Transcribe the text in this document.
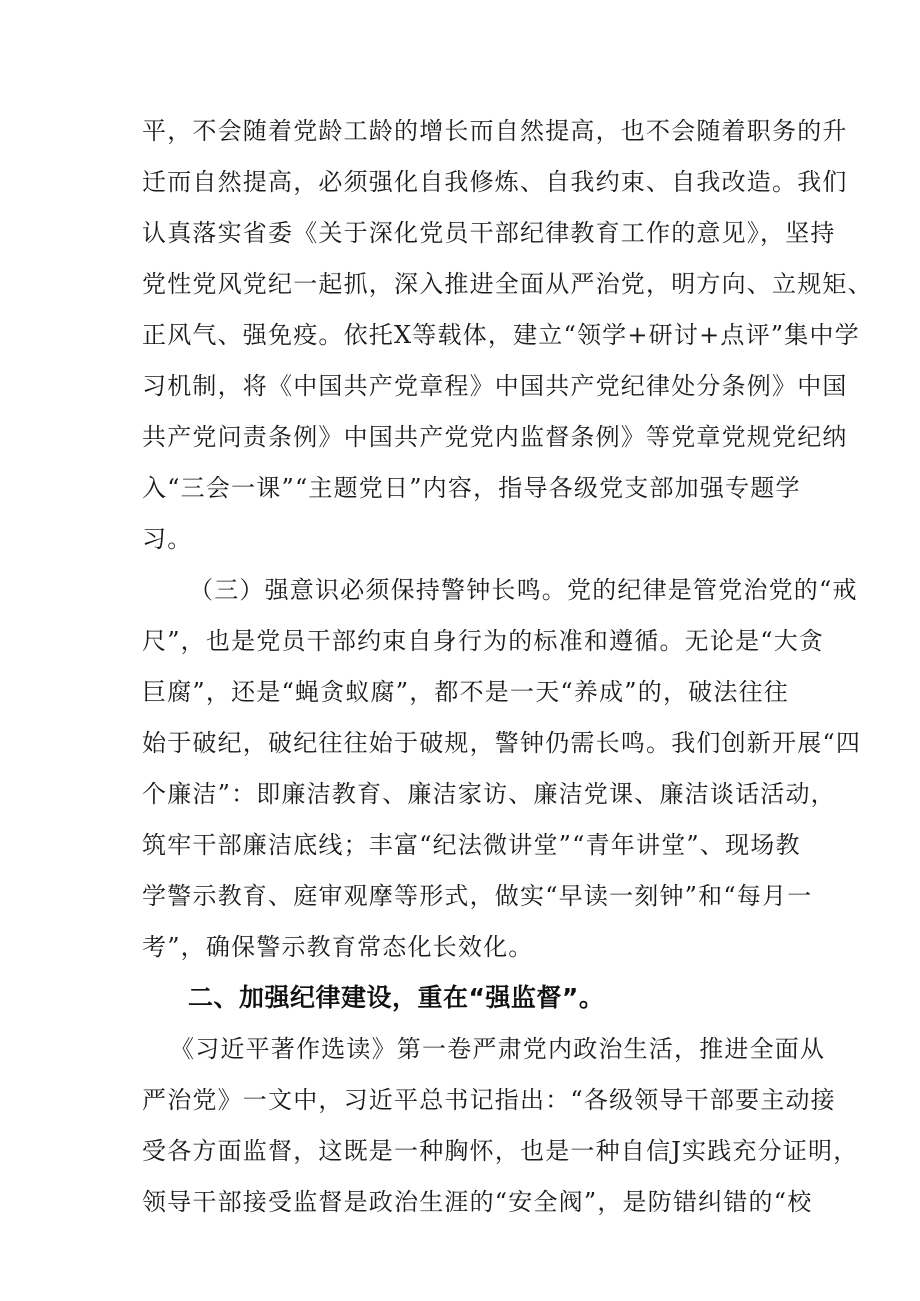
平，不会随着党龄工龄的增长而自然提高，也不会随着职务的升
迁而自然提高，必须强化自我修炼、自我约束、自我改造。我们
认真落实省委《关于深化党员干部纪律教育工作的意见》，坚持
党性党风党纪一起抓，深入推进全面从严治党，明方向、立规矩、
正风气、强免疫。依托X等载体，建立“领学+研讨+点评”集中学
习机制，将《中国共产党章程》中国共产党纪律处分条例》中国
共产党问责条例》中国共产党党内监督条例》等党章党规党纪纳
入“三会一课”“主题党日”内容，指导各级党支部加强专题学
习。
（三）强意识必须保持警钟长鸣。党的纪律是管党治党的“戒
尺”，也是党员干部约束自身行为的标准和遵循。无论是“大贪
巨腐”，还是“蝇贪蚁腐”，都不是一天“养成”的，破法往往
始于破纪，破纪往往始于破规，警钟仍需长鸣。我们创新开展“四
个廉洁”：即廉洁教育、廉洁家访、廉洁党课、廉洁谈话活动，
筑牢干部廉洁底线；丰富“纪法微讲堂”“青年讲堂”、现场教
学警示教育、庭审观摩等形式，做实“早读一刻钟”和“每月一
考”，确保警示教育常态化长效化。
二、加强纪律建设，重在“强监督”。
《习近平著作选读》第一卷严肃党内政治生活，推进全面从
严治党》一文中，习近平总书记指出：“各级领导干部要主动接
受各方面监督，这既是一种胸怀，也是一种自信J实践充分证明，
领导干部接受监督是政治生涯的“安全阀”，是防错纠错的“校
